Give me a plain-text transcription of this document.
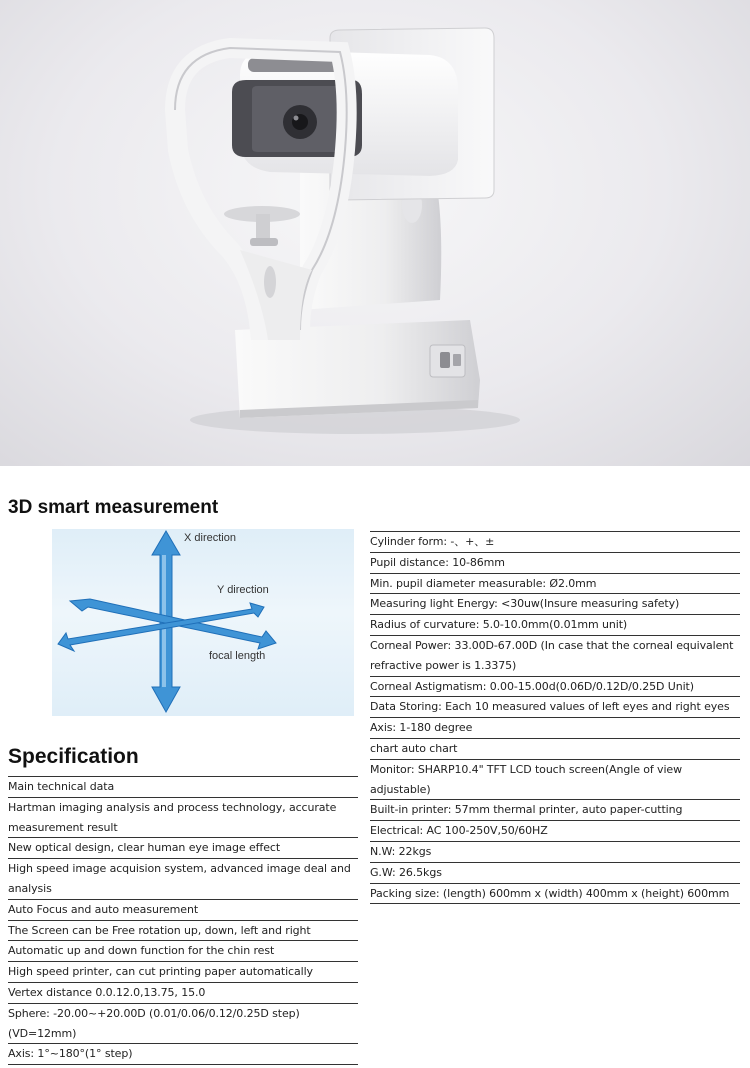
3D smart measurement
X direction
Y direction
focal length
Specification
Main technical data
Hartman imaging analysis and process technology, accurate measurement result
New optical design, clear human eye image effect
High speed image acquision system, advanced image deal and analysis
Auto Focus and auto measurement
The Screen can be Free rotation up, down, left and right
Automatic up and down function for the chin rest
High speed printer, can cut printing paper automatically
Vertex distance 0.0.12.0,13.75, 15.0
Sphere: -20.00~+20.00D (0.01/0.06/0.12/0.25D step)(VD=12mm)
Axis: 1°~180°(1° step)
Cylinder form: -、+、±
Pupil distance: 10-86mm
Min. pupil diameter measurable: Ø2.0mm
Measuring light Energy: <30uw(Insure measuring safety)
Radius of curvature: 5.0-10.0mm(0.01mm unit)
Corneal Power: 33.00D-67.00D (In case that the corneal equivalent refractive power is 1.3375)
Corneal Astigmatism: 0.00-15.00d(0.06D/0.12D/0.25D Unit)
Data Storing: Each 10 measured values of left eyes and right eyes
Axis: 1-180 degree
chart auto chart
Monitor: SHARP10.4" TFT LCD touch screen(Angle of view adjustable)
Built-in printer: 57mm thermal printer, auto paper-cutting
Electrical: AC 100-250V,50/60HZ
N.W: 22kgs
G.W: 26.5kgs
Packing size: (length) 600mm x (width) 400mm x (height) 600mm
